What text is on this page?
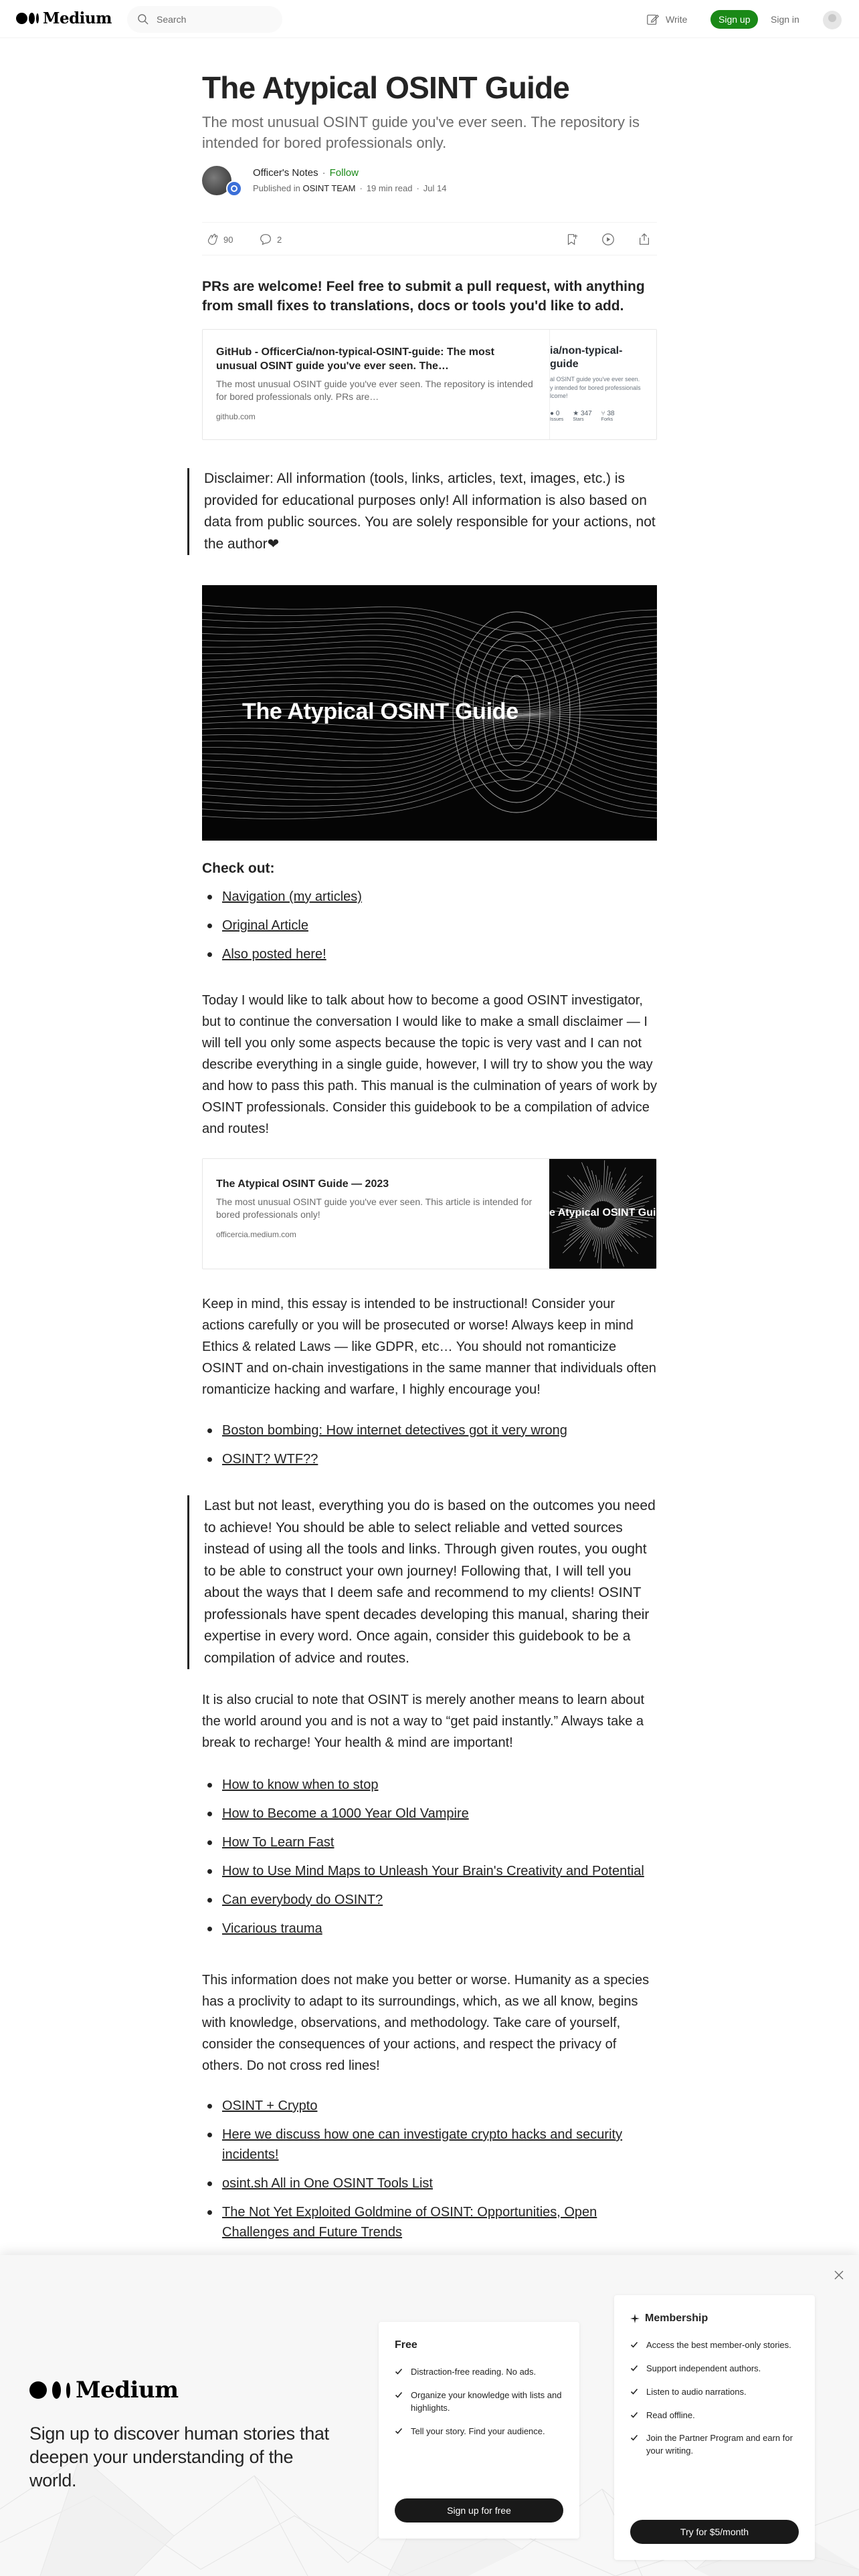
Medium
Search	Write	Sign up	Sign in
The Atypical OSINT Guide

The most unusual OSINT guide you've ever seen. The repository is intended for bored professionals only.

Officer's Notes · Follow
Published in OSINT TEAM · 19 min read · Jul 14
90	2

PRs are welcome! Feel free to submit a pull request, with anything from small fixes to translations, docs or tools you'd like to add.

GitHub - OfficerCia/non-typical-OSINT-guide: The most unusual OSINT guide you've ever seen. The…
The most unusual OSINT guide you've ever seen. The repository is intended for bored professionals only. PRs are…
github.com
ia/non-typical-
guide
al OSINT guide you've ever seen.
y intended for bored professionals
lcome!
● 0
Issues
★ 347
Stars
⑂ 38
Forks
Disclaimer: All information (tools, links, articles, text, images, etc.) is provided for educational purposes only! All information is also based on data from public sources. You are solely responsible for your actions, not the author❤
The Atypical OSINT Guide
Check out:
Navigation (my articles)
Original Article
Also posted here!

Today I would like to talk about how to become a good OSINT investigator, but to continue the conversation I would like to make a small disclaimer — I will tell you only some aspects because the topic is very vast and I can not describe everything in a single guide, however, I will try to show you the way and how to pass this path. This manual is the culmination of years of work by OSINT professionals. Consider this guidebook to be a compilation of advice and routes!

The Atypical OSINT Guide — 2023
The most unusual OSINT guide you've ever seen. This article is intended for bored professionals only!
officercia.medium.com
e Atypical OSINT Gui

Keep in mind, this essay is intended to be instructional! Consider your actions carefully or you will be prosecuted or worse! Always keep in mind Ethics & related Laws — like GDPR, etc… You should not romanticize OSINT and on-chain investigations in the same manner that individuals often romanticize hacking and warfare, I highly encourage you!

Boston bombing: How internet detectives got it very wrong
OSINT? WTF??
Last but not least, everything you do is based on the outcomes you need to achieve! You should be able to select reliable and vetted sources instead of using all the tools and links. Through given routes, you ought to be able to construct your own journey! Following that, I will tell you about the ways that I deem safe and recommend to my clients! OSINT professionals have spent decades developing this manual, sharing their expertise in every word. Once again, consider this guidebook to be a compilation of advice and routes.

It is also crucial to note that OSINT is merely another means to learn about the world around you and is not a way to “get paid instantly.” Always take a break to recharge! Your health & mind are important!

How to know when to stop
How to Become a 1000 Year Old Vampire
How To Learn Fast
How to Use Mind Maps to Unleash Your Brain's Creativity and Potential
Can everybody do OSINT?
Vicarious trauma

This information does not make you better or worse. Humanity as a species has a proclivity to adapt to its surroundings, which, as we all know, begins with knowledge, observations, and methodology. Take care of yourself, consider the consequences of your actions, and respect the privacy of others. Do not cross red lines!

OSINT + Crypto
Here we discuss how one can investigate crypto hacks and security incidents!
osint.sh All in One OSINT Tools List
The Not Yet Exploited Goldmine of OSINT: Opportunities, Open Challenges and Future Trends
Medium
Sign up to discover human stories that deepen your understanding of the world.
Free
Distraction-free reading. No ads.
Organize your knowledge with lists and highlights.
Tell your story. Find your audience.
Sign up for free
Membership
Access the best member-only stories.
Support independent authors.
Listen to audio narrations.
Read offline.
Join the Partner Program and earn for your writing.
Try for $5/month
